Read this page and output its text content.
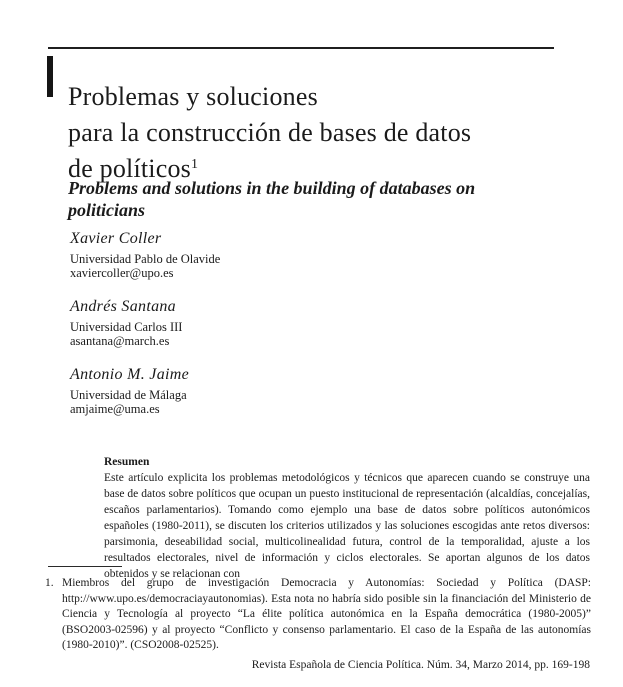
Problemas y soluciones
para la construcción de bases de datos
de políticos$^1$
Problems and solutions in the building of databases on politicians
Xavier Coller
Universidad Pablo de Olavide
xaviercoller@upo.es
Andrés Santana
Universidad Carlos III
asantana@march.es
Antonio M. Jaime
Universidad de Málaga
amjaime@uma.es
Resumen
Este artículo explicita los problemas metodológicos y técnicos que aparecen cuando se construye una base de datos sobre políticos que ocupan un puesto institucional de representación (alcaldías, concejalías, escaños parlamentarios). Tomando como ejemplo una base de datos sobre políticos autonómicos españoles (1980-2011), se discuten los criterios utilizados y las soluciones escogidas ante retos diversos: parsimonia, deseabilidad social, multicolinealidad futura, control de la temporalidad, ajuste a los resultados electorales, nivel de información y ciclos electorales. Se aportan algunos de los datos obtenidos y se relacionan con
1. Miembros del grupo de investigación Democracia y Autonomías: Sociedad y Política (DASP: http://www.upo.es/democraciayautonomias). Esta nota no habría sido posible sin la financiación del Ministerio de Ciencia y Tecnología al proyecto “La élite política autonómica en la España democrática (1980-2005)” (BSO2003-02596) y al proyecto “Conflicto y consenso parlamentario. El caso de la España de las autonomías (1980-2010)”. (CSO2008-02525).
Revista Española de Ciencia Política. Núm. 34, Marzo 2014, pp. 169-198
